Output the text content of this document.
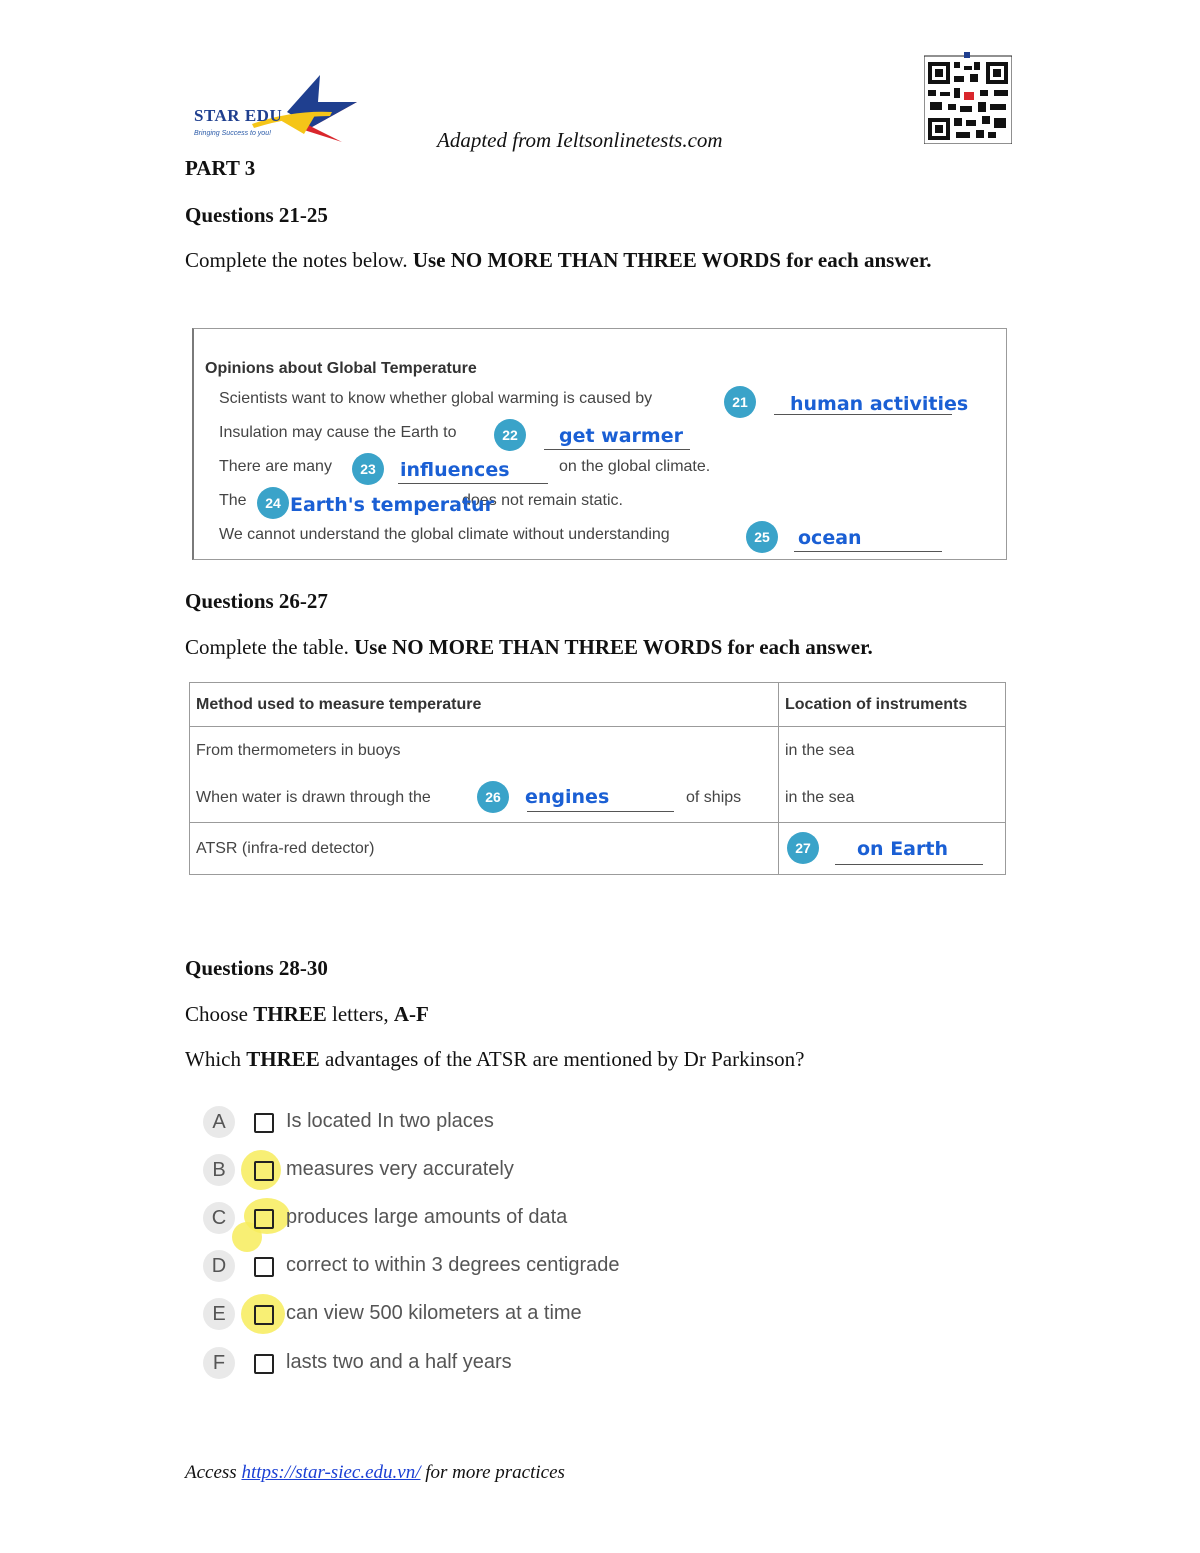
STAR EDU
Bringing Success to you!	Adapted from Ieltsonlinetests.com
PART 3
Questions 21-25
Complete the notes below. Use NO MORE THAN THREE WORDS for each answer.
Opinions about Global Temperature
Scientists want to know whether global warming is caused by	21	human activities
Insulation may cause the Earth to	22	get warmer
There are many	23	influences	on the global climate.
The	24	does not remain static.
Earth's temperatur
We cannot understand the global climate without understanding	25	ocean
Questions 26-27
Complete the table. Use NO MORE THAN THREE WORDS for each answer.
Method used to measure temperature	Location of instruments
From thermometers in buoys	in the sea
When water is drawn through the 26 engines of ships	in the sea
ATSR (infra-red detector)	27 on Earth
Questions 28-30
Choose THREE letters, A-F
Which THREE advantages of the ATSR are mentioned by Dr Parkinson?
A	Is located In two places
B	measures very accurately
C	produces large amounts of data
D	correct to within 3 degrees centigrade
E	can view 500 kilometers at a time
F	lasts two and a half years
Access https://star-siec.edu.vn/ for more practices
